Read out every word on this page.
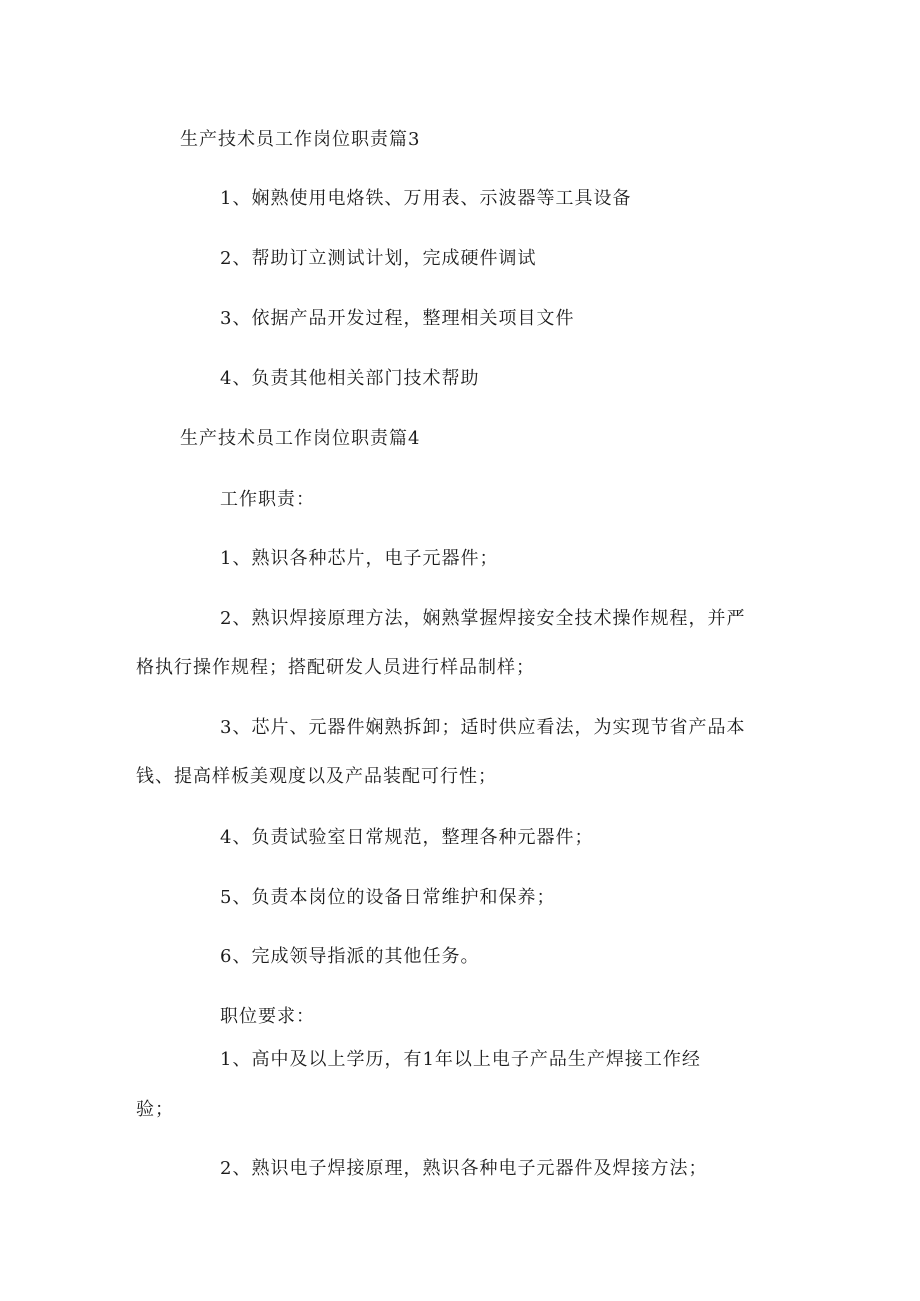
生产技术员工作岗位职责篇3
1、娴熟使用电烙铁、万用表、示波器等工具设备
2、帮助订立测试计划，完成硬件调试
3、依据产品开发过程，整理相关项目文件
4、负责其他相关部门技术帮助
生产技术员工作岗位职责篇4
工作职责：
1、熟识各种芯片，电子元器件；
2、熟识焊接原理方法，娴熟掌握焊接安全技术操作规程，并严
格执行操作规程；搭配研发人员进行样品制样；
3、芯片、元器件娴熟拆卸；适时供应看法，为实现节省产品本
钱、提高样板美观度以及产品装配可行性；
4、负责试验室日常规范，整理各种元器件；
5、负责本岗位的设备日常维护和保养；
6、完成领导指派的其他任务。
职位要求：
1、高中及以上学历，有1年以上电子产品生产焊接工作经
验；
2、熟识电子焊接原理，熟识各种电子元器件及焊接方法；
